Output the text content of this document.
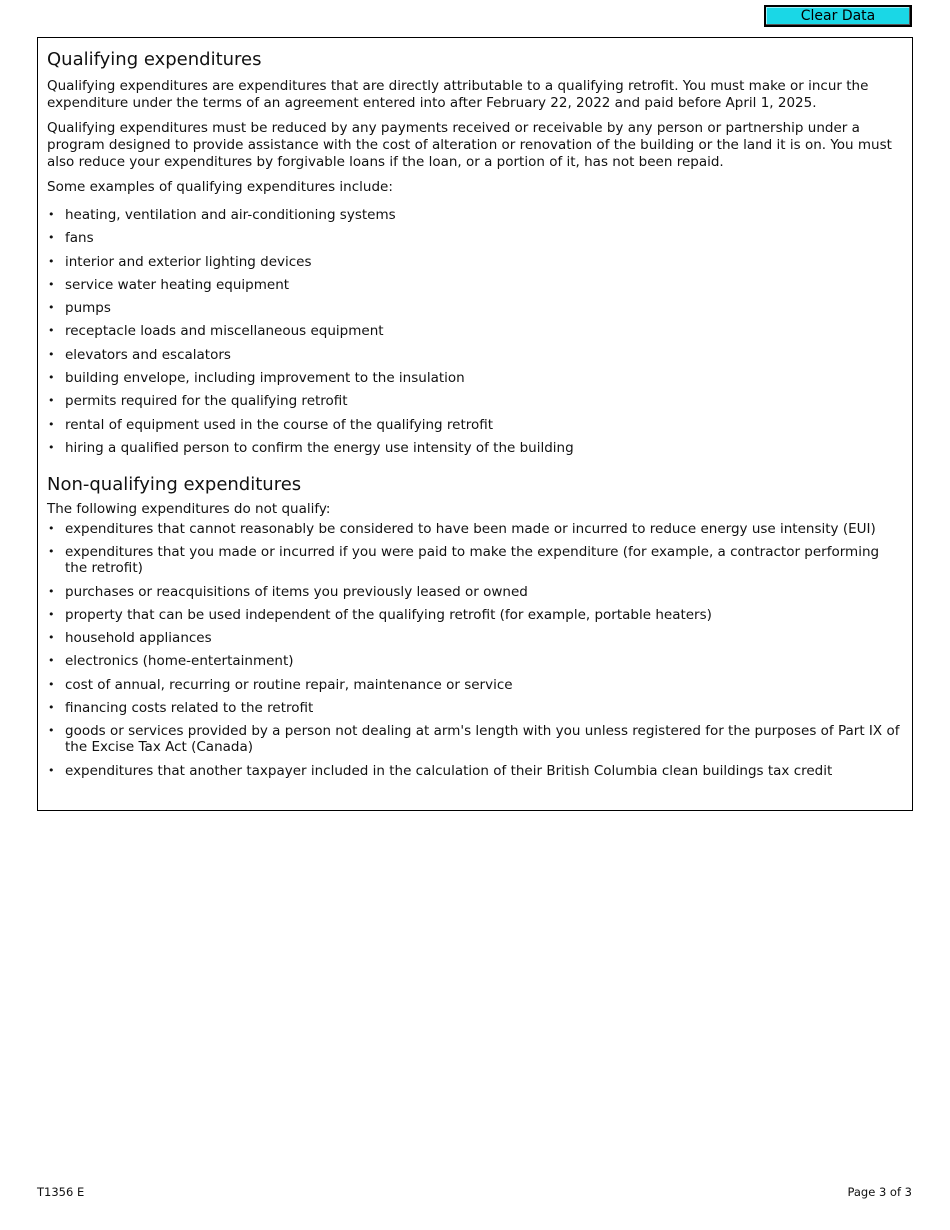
Clear Data
Qualifying expenditures

Qualifying expenditures are expenditures that are directly attributable to a qualifying retrofit. You must make or incur the expenditure under the terms of an agreement entered into after February 22, 2022 and paid before April 1, 2025.

Qualifying expenditures must be reduced by any payments received or receivable by any person or partnership under a program designed to provide assistance with the cost of alteration or renovation of the building or the land it is on. You must also reduce your expenditures by forgivable loans if the loan, or a portion of it, has not been repaid.

Some examples of qualifying expenditures include:

• heating, ventilation and air-conditioning systems
• fans
• interior and exterior lighting devices
• service water heating equipment
• pumps
• receptacle loads and miscellaneous equipment
• elevators and escalators
• building envelope, including improvement to the insulation
• permits required for the qualifying retrofit
• rental of equipment used in the course of the qualifying retrofit
• hiring a qualified person to confirm the energy use intensity of the building
Non-qualifying expenditures

The following expenditures do not qualify:

• expenditures that cannot reasonably be considered to have been made or incurred to reduce energy use intensity (EUI)
• expenditures that you made or incurred if you were paid to make the expenditure (for example, a contractor performing the retrofit)
• purchases or reacquisitions of items you previously leased or owned
• property that can be used independent of the qualifying retrofit (for example, portable heaters)
• household appliances
• electronics (home-entertainment)
• cost of annual, recurring or routine repair, maintenance or service
• financing costs related to the retrofit
• goods or services provided by a person not dealing at arm's length with you unless registered for the purposes of Part IX of the Excise Tax Act (Canada)
• expenditures that another taxpayer included in the calculation of their British Columbia clean buildings tax credit
T1356 E	Page 3 of 3
